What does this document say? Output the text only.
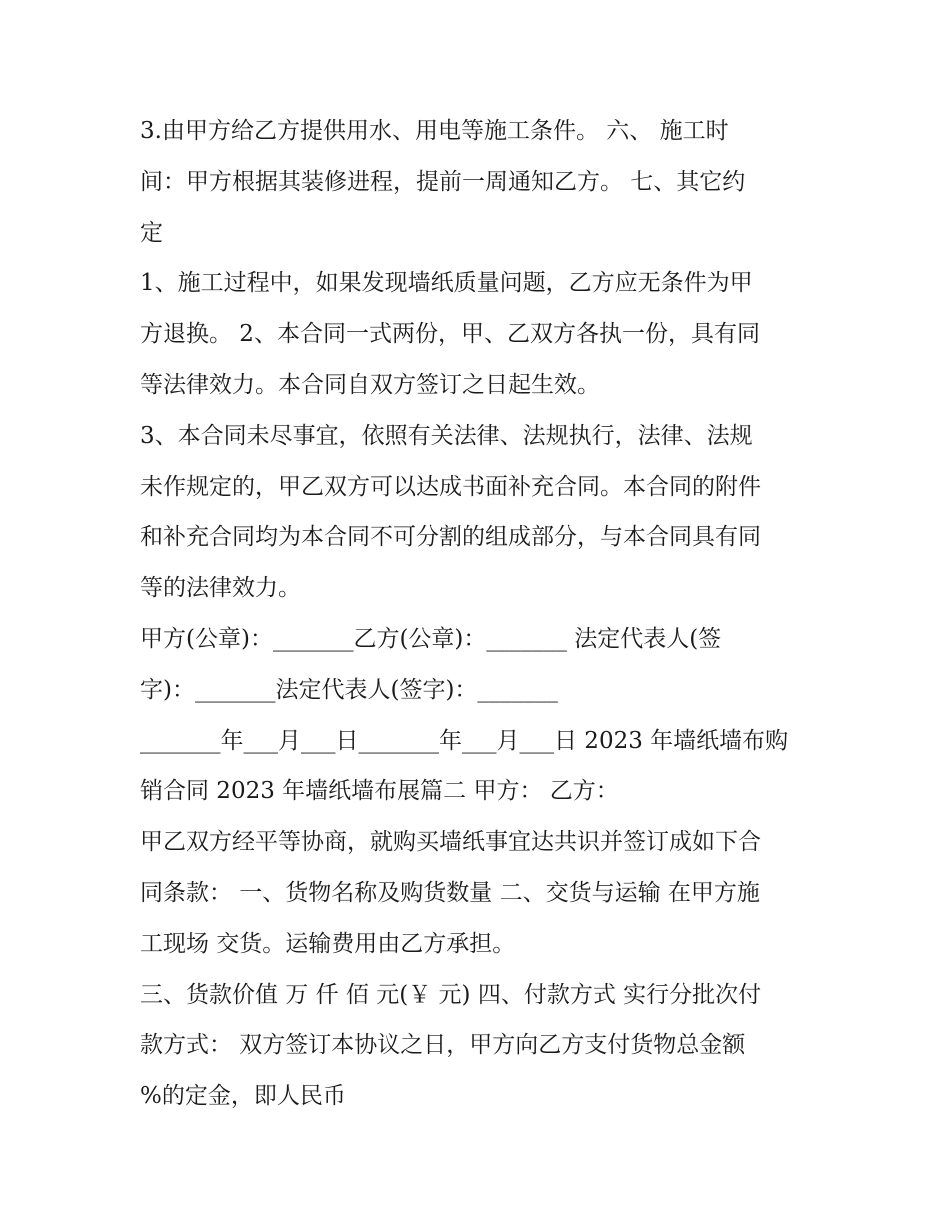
3.由甲方给乙方提供用水、用电等施工条件。 六、 施工时
间：甲方根据其装修进程，提前一周通知乙方。 七、其它约
定
1、施工过程中，如果发现墙纸质量问题，乙方应无条件为甲
方退换。 2、本合同一式两份，甲、乙双方各执一份，具有同
等法律效力。本合同自双方签订之日起生效。
3、本合同未尽事宜，依照有关法律、法规执行，法律、法规
未作规定的，甲乙双方可以达成书面补充合同。本合同的附件
和补充合同均为本合同不可分割的组成部分，与本合同具有同
等的法律效力。
甲方(公章)：_______乙方(公章)：_______ 法定代表人(签
字)：_______法定代表人(签字)：_______
_______年___月___日_______年___月___日 2023 年墙纸墙布购
销合同 2023 年墙纸墙布展篇二 甲方： 乙方：
甲乙双方经平等协商，就购买墙纸事宜达共识并签订成如下合
同条款： 一、货物名称及购货数量 二、交货与运输 在甲方施
工现场 交货。运输费用由乙方承担。
三、货款价值 万 仟 佰 元(￥ 元) 四、付款方式 实行分批次付
款方式： 双方签订本协议之日，甲方向乙方支付货物总金额
%的定金，即人民币
